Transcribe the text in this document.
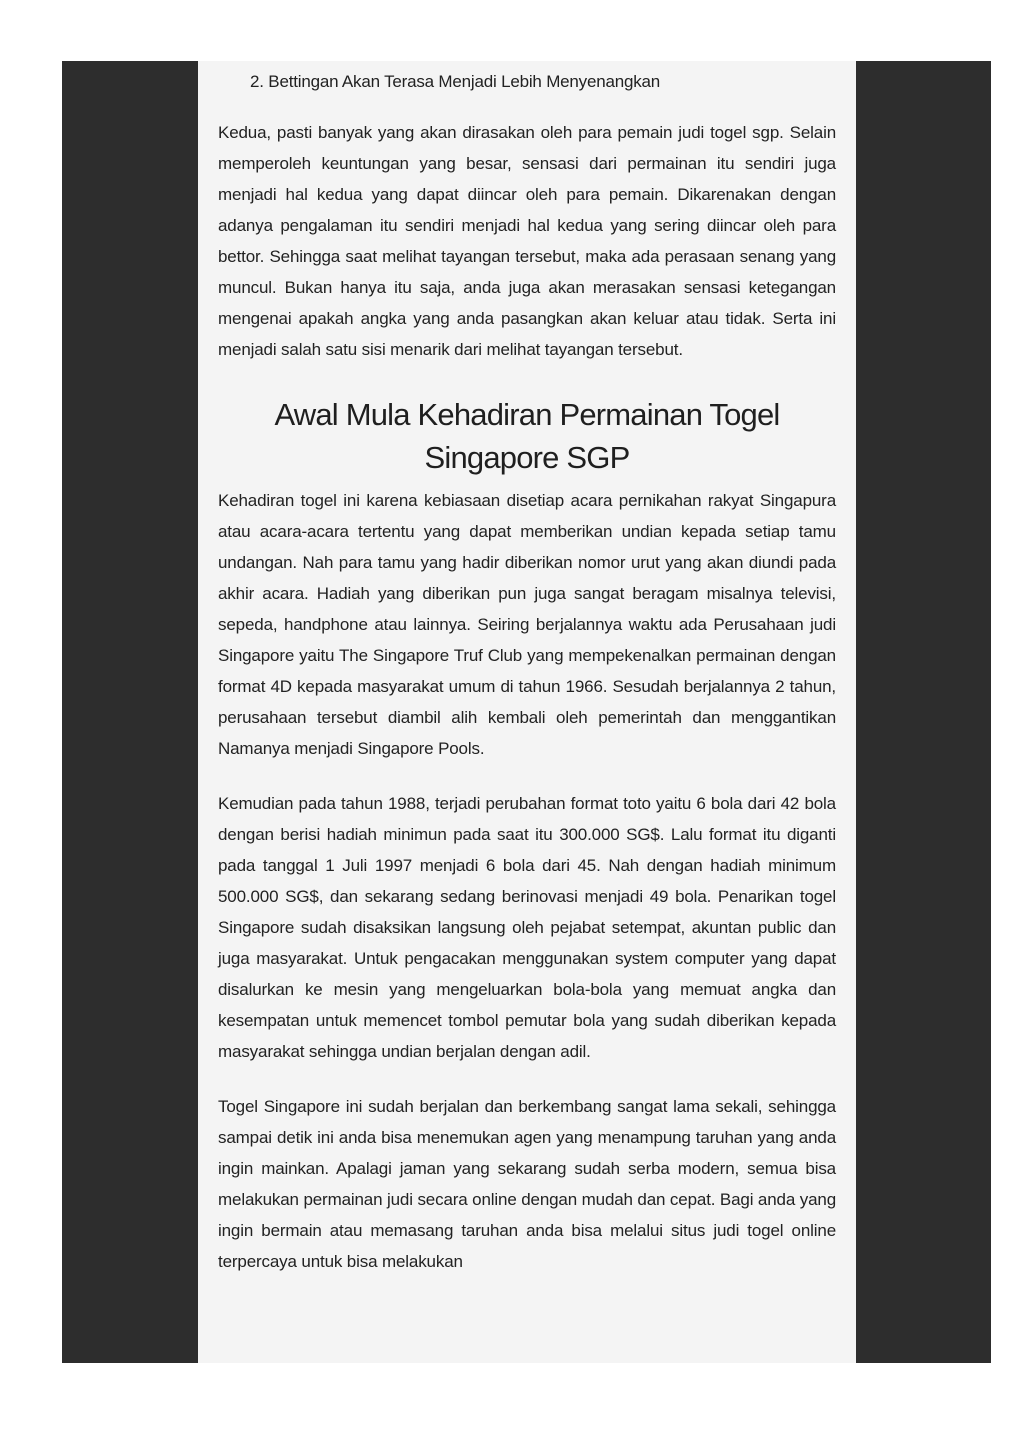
2. Bettingan Akan Terasa Menjadi Lebih Menyenangkan

Kedua, pasti banyak yang akan dirasakan oleh para pemain judi togel sgp. Selain memperoleh keuntungan yang besar, sensasi dari permainan itu sendiri juga menjadi hal kedua yang dapat diincar oleh para pemain. Dikarenakan dengan adanya pengalaman itu sendiri menjadi hal kedua yang sering diincar oleh para bettor. Sehingga saat melihat tayangan tersebut, maka ada perasaan senang yang muncul. Bukan hanya itu saja, anda juga akan merasakan sensasi ketegangan mengenai apakah angka yang anda pasangkan akan keluar atau tidak. Serta ini menjadi salah satu sisi menarik dari melihat tayangan tersebut.

Awal Mula Kehadiran Permainan Togel Singapore SGP

Kehadiran togel ini karena kebiasaan disetiap acara pernikahan rakyat Singapura atau acara-acara tertentu yang dapat memberikan undian kepada setiap tamu undangan. Nah para tamu yang hadir diberikan nomor urut yang akan diundi pada akhir acara. Hadiah yang diberikan pun juga sangat beragam misalnya televisi, sepeda, handphone atau lainnya. Seiring berjalannya waktu ada Perusahaan judi Singapore yaitu The Singapore Truf Club yang mempekenalkan permainan dengan format 4D kepada masyarakat umum di tahun 1966. Sesudah berjalannya 2 tahun, perusahaan tersebut diambil alih kembali oleh pemerintah dan menggantikan Namanya menjadi Singapore Pools.

Kemudian pada tahun 1988, terjadi perubahan format toto yaitu 6 bola dari 42 bola dengan berisi hadiah minimun pada saat itu 300.000 SG$. Lalu format itu diganti pada tanggal 1 Juli 1997 menjadi 6 bola dari 45. Nah dengan hadiah minimum 500.000 SG$, dan sekarang sedang berinovasi menjadi 49 bola. Penarikan togel Singapore sudah disaksikan langsung oleh pejabat setempat, akuntan public dan juga masyarakat. Untuk pengacakan menggunakan system computer yang dapat disalurkan ke mesin yang mengeluarkan bola-bola yang memuat angka dan kesempatan untuk memencet tombol pemutar bola yang sudah diberikan kepada masyarakat sehingga undian berjalan dengan adil.

Togel Singapore ini sudah berjalan dan berkembang sangat lama sekali, sehingga sampai detik ini anda bisa menemukan agen yang menampung taruhan yang anda ingin mainkan. Apalagi jaman yang sekarang sudah serba modern, semua bisa melakukan permainan judi secara online dengan mudah dan cepat. Bagi anda yang ingin bermain atau memasang taruhan anda bisa melalui situs judi togel online terpercaya untuk bisa melakukan
